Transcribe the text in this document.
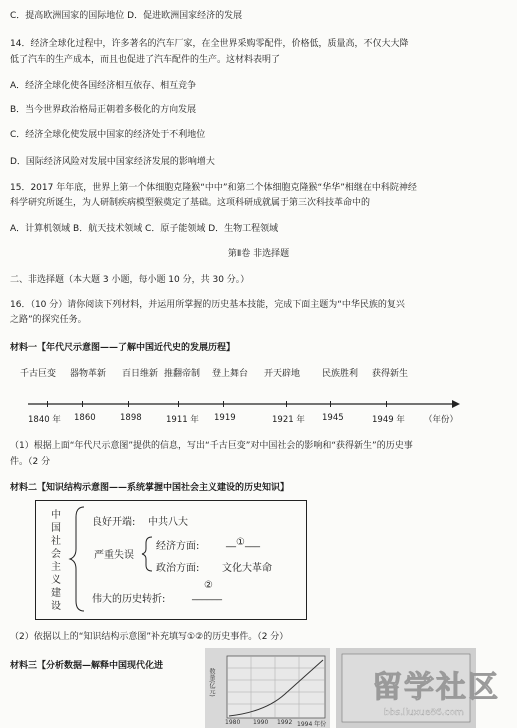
C．提高欧洲国家的国际地位 D．促进欧洲国家经济的发展
14．经济全球化过程中，许多著名的汽车厂家，在全世界采购零配件，价格低，质量高，不仅大大降
低了汽车的生产成本，而且也促进了汽车配件的生产。这材料表明了
A．经济全球化使各国经济相互依存、相互竞争
B．当今世界政治格局正朝着多极化的方向发展
C．经济全球化使发展中国家的经济处于不利地位
D．国际经济风险对发展中国家经济发展的影响增大
15．2017 年年底，世界上第一个体细胞克隆猴“中中”和第二个体细胞克隆猴“华华”相继在中科院神经
科学研究所诞生，为人研制疾病模型猴奠定了基础。这项科研成就属于第三次科技革命中的
A．计算机领域 B．航天技术领域 C．原子能领域 D．生物工程领域
第Ⅱ卷 非选择题
二、非选择题（本大题 3 小题，每小题 10 分，共 30 分。）
16．（10 分）请你阅读下列材料，并运用所掌握的历史基本技能，完成下面主题为“中华民族的复兴
之路”的探究任务。
材料一【年代尺示意图——了解中国近代史的发展历程】
千古巨变 器物革新 百日维新 推翻帝制 登上舞台 开天辟地 民族胜利 获得新生
1840 年 1860	1898	1911 年 1919	1921 年 1945	1949 年 （年份）
（1）根据上面“年代尺示意图”提供的信息，写出“千古巨变”对中国社会的影响和“获得新生”的历史事
件。（2 分
材料二【知识结构示意图——系统掌握中国社会主义建设的历史知识】
中
国
社
会
主
义
建
设
良好开端: 中共八大
严重失误
经济方面:	__①___
政治方面: 文化大革命
伟大的历史转折:
②
______
（2）依据以上的“知识结构示意图”补充填写①②的历史事件。（2 分）
材料三【分析数据—解释中国现代化进
数量(亿元)
1980 1990 1992 1994 年份
留学社区
bbs.liuxue86.com
